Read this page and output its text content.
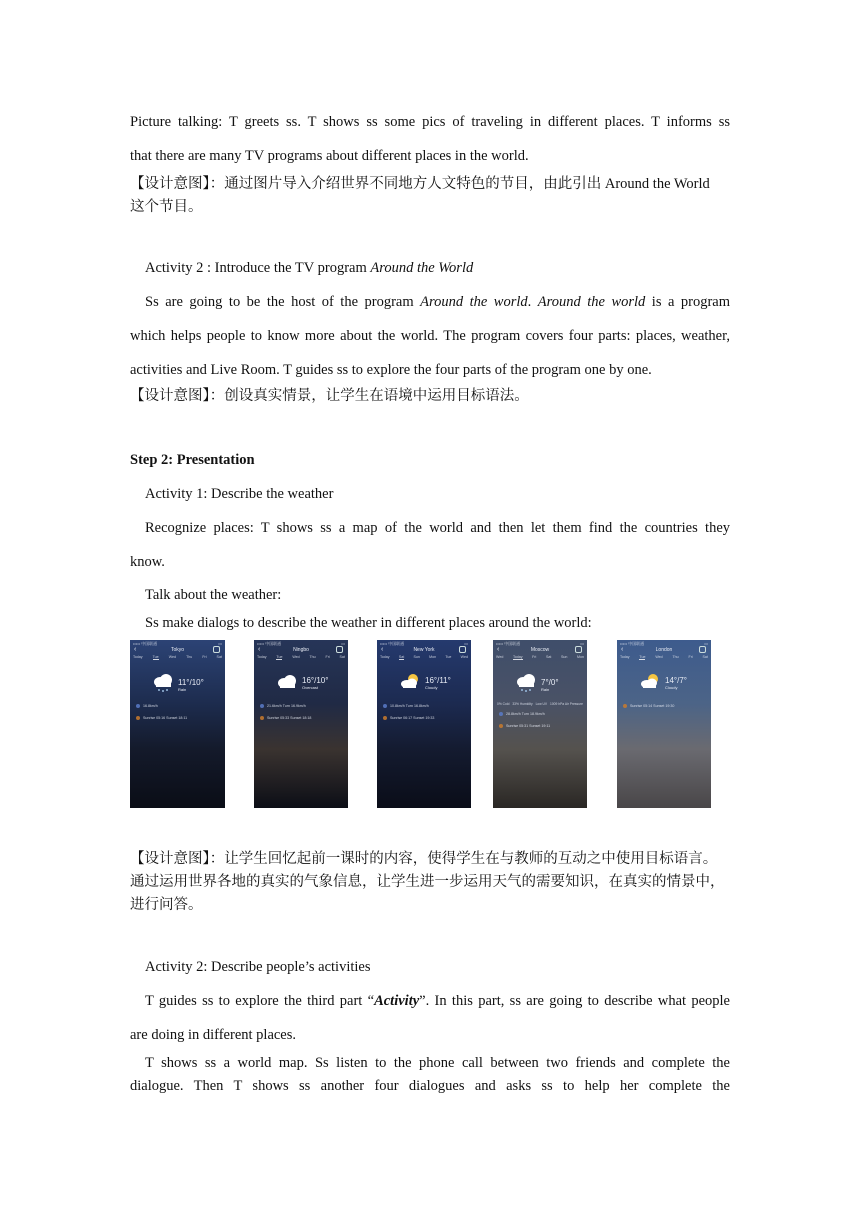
Picture talking: T greets ss. T shows ss some pics of traveling in different places. T informs ss
that there are many TV programs about different places in the world.
【设计意图】：通过图片导入介绍世界不同地方人文特色的节目，由此引出 Around the World
这个节目。
Activity 2 : Introduce the TV program Around the World
Ss are going to be the host of the program Around the world. Around the world is a program
which helps people to know more about the world. The program covers four parts: places, weather,
activities and Live Room. T guides ss to explore the four parts of the program one by one.
【设计意图】：创设真实情景，让学生在语境中运用目标语法。
Step 2: Presentation
Activity 1: Describe the weather
Recognize places: T shows ss a map of the world and then let them find the countries they
know.
Talk about the weather:
Ss make dialogs to describe the weather in different places around the world:
••••• 中国联通	▭
‹	Tokyo
Today	Tue	Wed	Thu	Fri	Sat
11°/10°
Rain
16.8km/h
Sunrise 05:16 Sunset 18:11
••••• 中国联通	▭
‹	Ningbo
Today	Tue	Wed	Thu	Fri	Sat
16°/10°
Overcast
21.6km/h Turn 16.9km/h
Sunrise 05:33 Sunset 18:18
••••• 中国联通	▭
‹	New York
Today	Sat	Sun	Mon	Tue	Wed
16°/11°
Cloudy
10.8km/h Turn 16.8km/h
Sunrise 06:17 Sunset 19:33
••••• 中国联通	▭
‹	Moscow
Wed	Today	Fri	Sat	Sun	Mon
7°/0°
Rain
0% Cold 33% Humidity Low UV 1009 hPa Air Pressure
28.8km/h Turn 18.9km/h
Sunrise 05:31 Sunset 19:11
••••• 中国联通	▭
‹	London
Today	Tue	Wed	Thu	Fri	Sat
14°/7°
Cloudy
Sunrise 05:14 Sunset 19:30
【设计意图】：让学生回忆起前一课时的内容，使得学生在与教师的互动之中使用目标语言。
通过运用世界各地的真实的气象信息，让学生进一步运用天气的需要知识，在真实的情景中，
进行问答。
Activity 2: Describe people’s activities
T guides ss to explore the third part “Activity”. In this part, ss are going to describe what people
are doing in different places.
T shows ss a world map. Ss listen to the phone call between two friends and complete the
dialogue. Then T shows ss another four dialogues and asks ss to help her complete the
